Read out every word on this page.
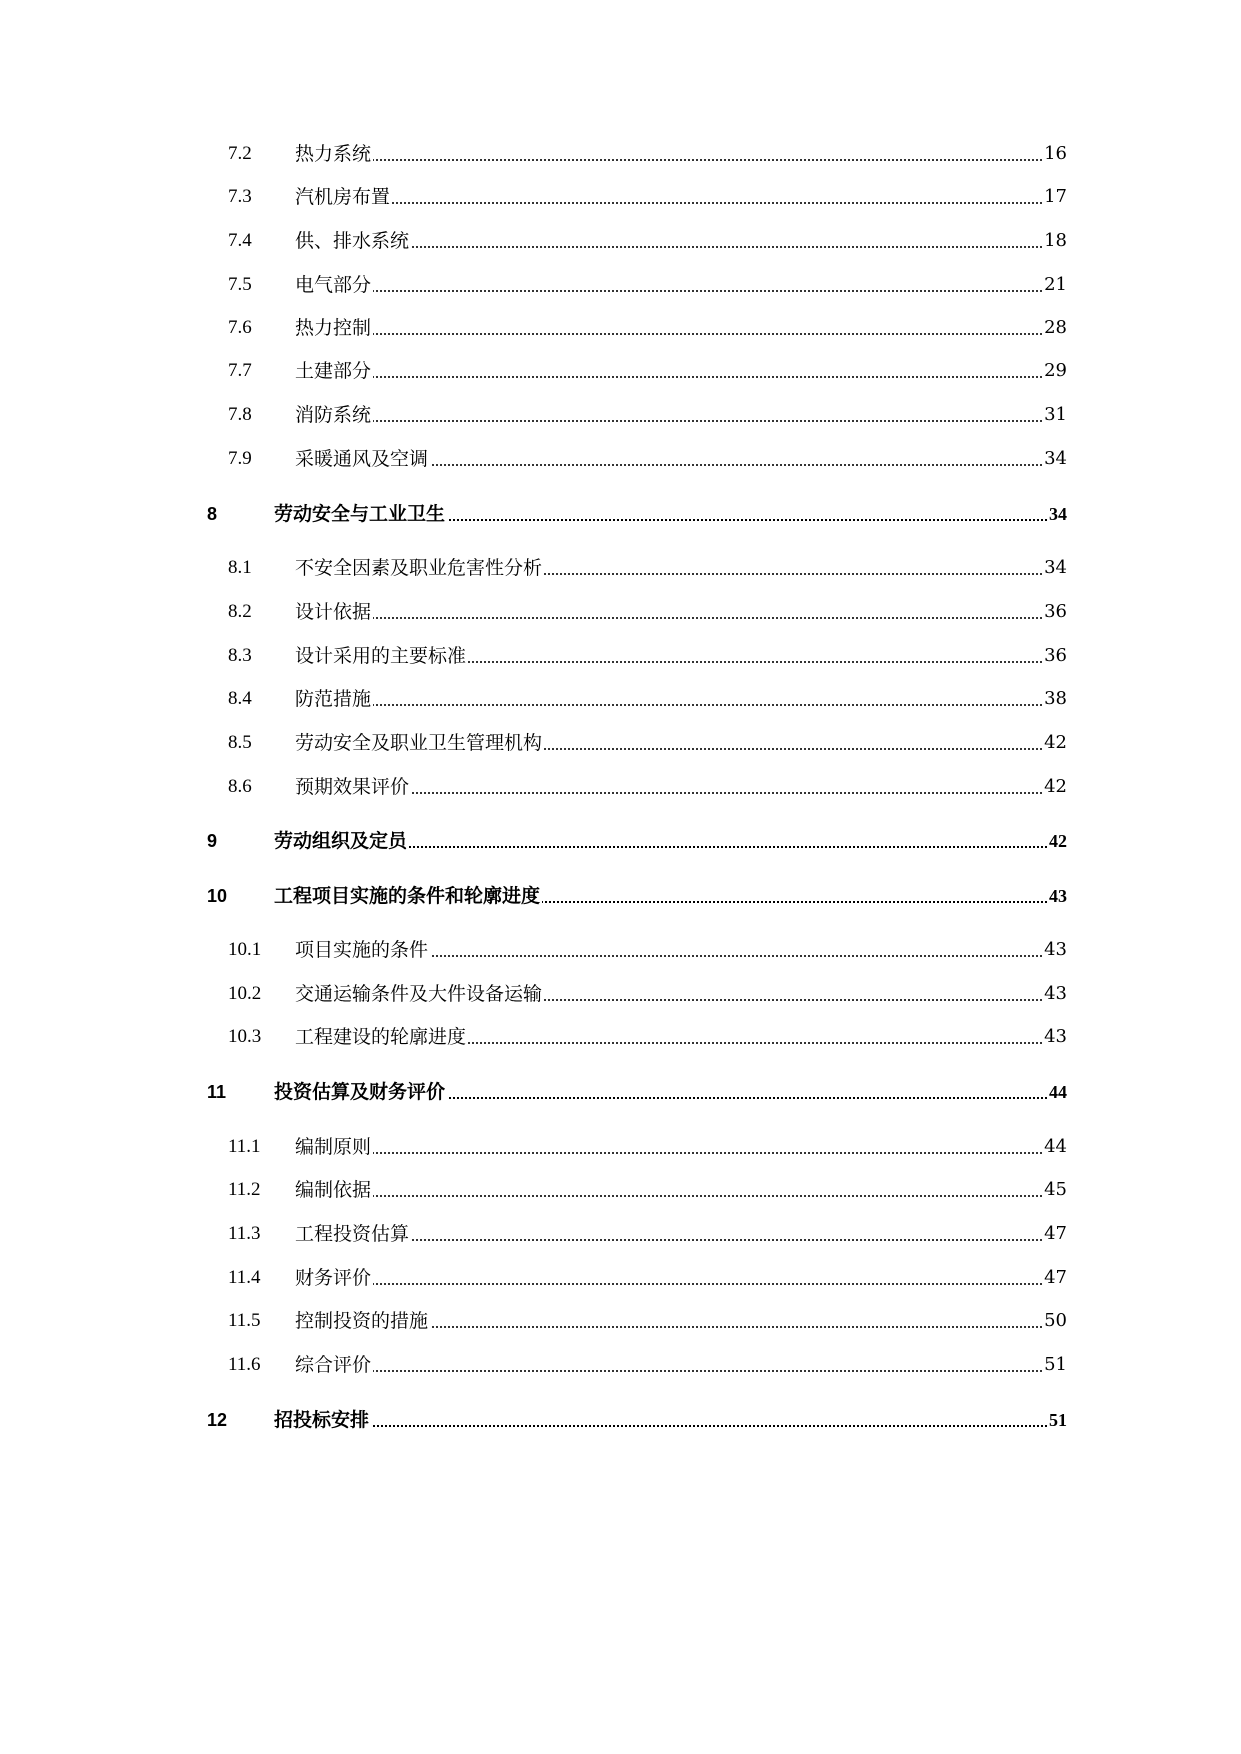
7.2 热力系统	16
7.3 汽机房布置	17
7.4 供、排水系统	18
7.5 电气部分	21
7.6 热力控制	28
7.7 土建部分	29
7.8 消防系统	31
7.9 采暖通风及空调	34
8	劳动安全与工业卫生	34
8.1 不安全因素及职业危害性分析	34
8.2 设计依据	36
8.3 设计采用的主要标准	36
8.4 防范措施	38
8.5 劳动安全及职业卫生管理机构	42
8.6 预期效果评价	42
9	劳动组织及定员	42
10 工程项目实施的条件和轮廓进度	43
10.1 项目实施的条件	43
10.2 交通运输条件及大件设备运输	43
10.3 工程建设的轮廓进度	43
11	投资估算及财务评价	44
11.1 编制原则	44
11.2 编制依据	45
11.3 工程投资估算	47
11.4 财务评价	47
11.5 控制投资的措施	50
11.6 综合评价	51
12 招投标安排	51
